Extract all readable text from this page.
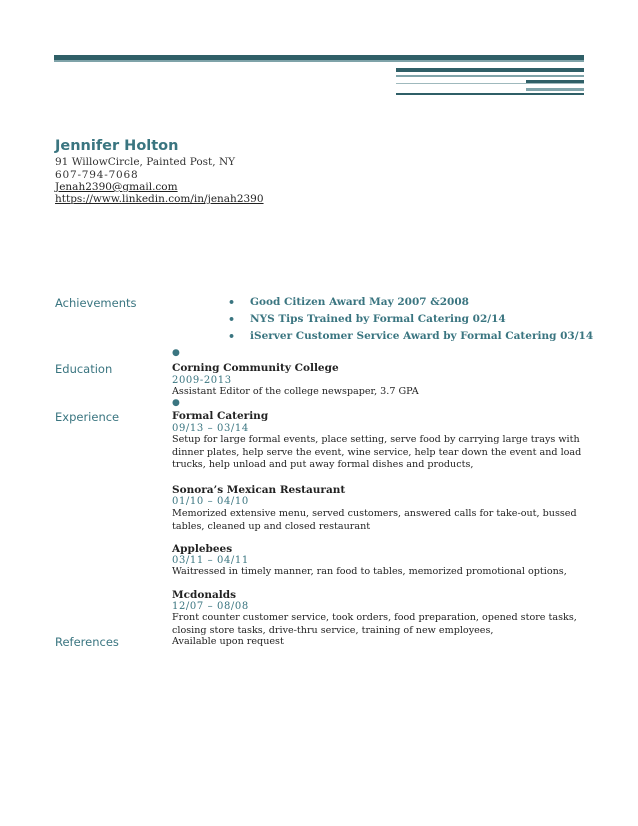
Jennifer Holton
91 WillowCircle, Painted Post, NY
607-794-7068
Jenah2390@gmail.com
https://www.linkedin.com/in/jenah2390
Achievements
Education
Experience
References
• Good Citizen Award May 2007 &2008
• NYS Tips Trained by Formal Catering 02/14
• iServer Customer Service Award by Formal Catering 03/14
●
Corning Community College
2009-2013
Assistant Editor of the college newspaper, 3.7 GPA
●
Formal Catering
09/13 – 03/14
Setup for large formal events, place setting, serve food by carrying large trays with dinner plates, help serve the event, wine service, help tear down the event and load trucks, help unload and put away formal dishes and products,
Sonora’s Mexican Restaurant
01/10 – 04/10
Memorized extensive menu, served customers, answered calls for take-out, bussed tables, cleaned up and closed restaurant
Applebees
03/11 – 04/11
Waitressed in timely manner, ran food to tables, memorized promotional options,
Mcdonalds
12/07 – 08/08
Front counter customer service, took orders, food preparation, opened store tasks, closing store tasks, drive-thru service, training of new employees,
Available upon request
